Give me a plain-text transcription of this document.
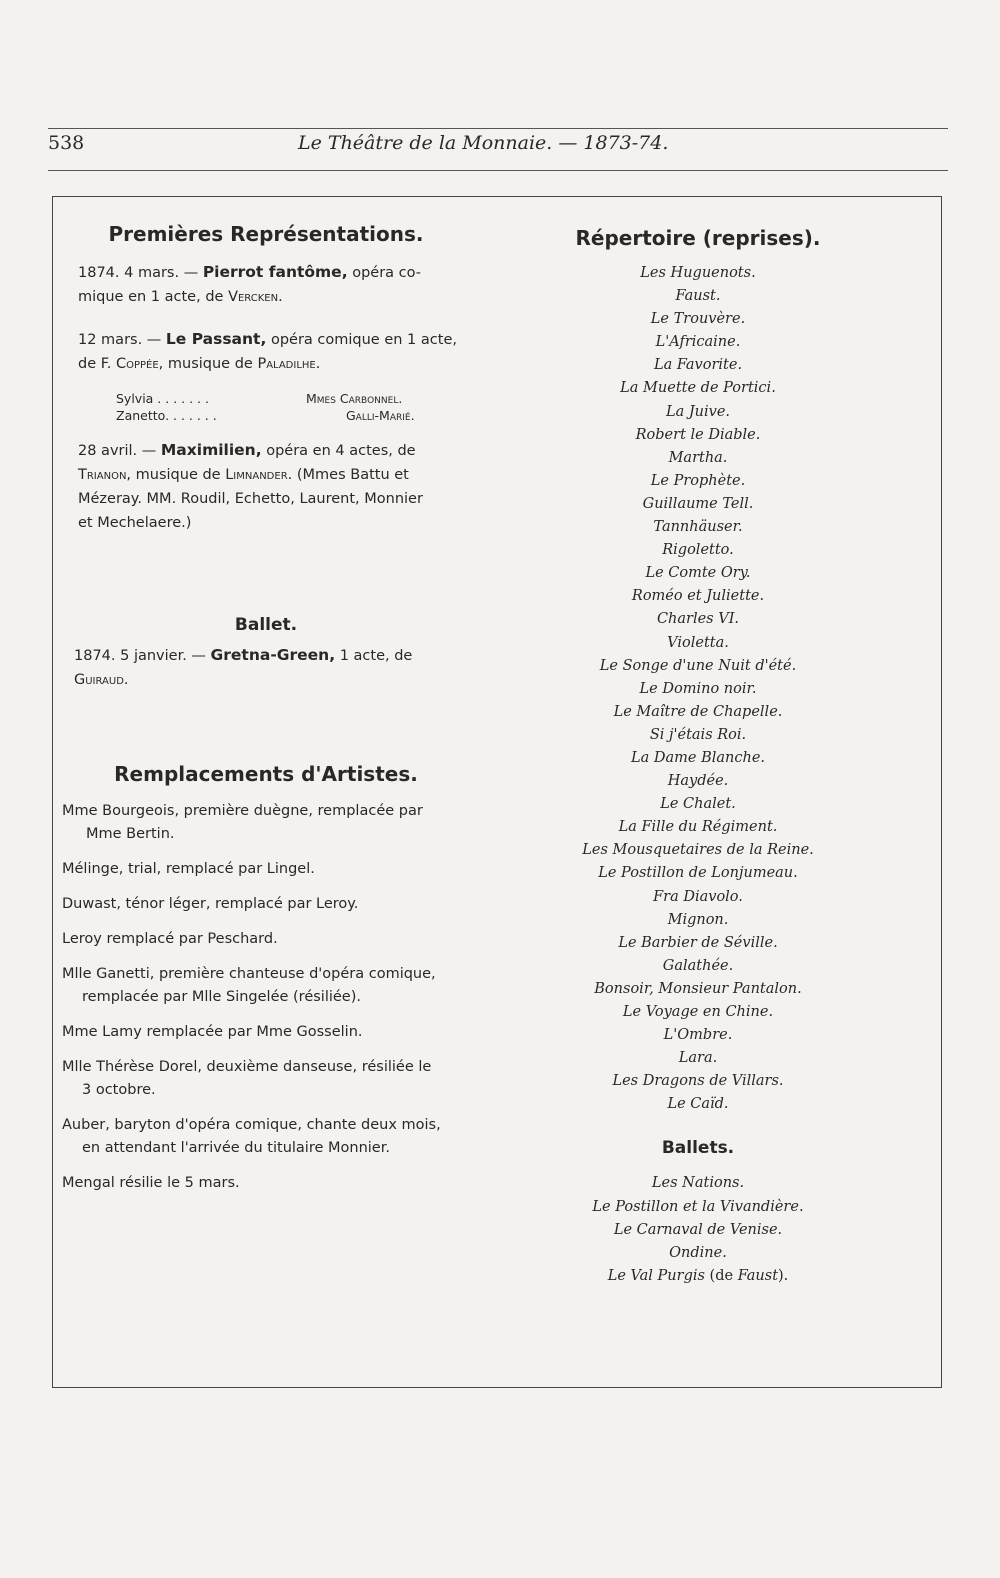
538	Le Théâtre de la Monnaie. — 1873-74.
Premières Représentations.
1874. 4 mars. — Pierrot fantôme, opéra co-
mique en 1 acte, de Vercken.
12 mars. — Le Passant, opéra comique en 1 acte,
de F. Coppée, musique de Paladilhe.
Sylvia . . . . . . .	Mmes Carbonnel.
Zanetto. . . . . . .	Galli-Marié.
28 avril. — Maximilien, opéra en 4 actes, de
Trianon, musique de Limnander. (Mmes Battu et
Mézeray. MM. Roudil, Echetto, Laurent, Monnier
et Mechelaere.)
Ballet.
1874. 5 janvier. — Gretna-Green, 1 acte, de
Guiraud.
Remplacements d'Artistes.
Mme Bourgeois, première duègne, remplacée par
Mme Bertin.
Mélinge, trial, remplacé par Lingel.
Duwast, ténor léger, remplacé par Leroy.
Leroy remplacé par Peschard.
Mlle Ganetti, première chanteuse d'opéra comique,
remplacée par Mlle Singelée (résiliée).
Mme Lamy remplacée par Mme Gosselin.
Mlle Thérèse Dorel, deuxième danseuse, résiliée le
3 octobre.
Auber, baryton d'opéra comique, chante deux mois,
en attendant l'arrivée du titulaire Monnier.
Mengal résilie le 5 mars.
Répertoire (reprises).
Les Huguenots.
Faust.
Le Trouvère.
L'Africaine.
La Favorite.
La Muette de Portici.
La Juive.
Robert le Diable.
Martha.
Le Prophète.
Guillaume Tell.
Tannhäuser.
Rigoletto.
Le Comte Ory.
Roméo et Juliette.
Charles VI.
Violetta.
Le Songe d'une Nuit d'été.
Le Domino noir.
Le Maître de Chapelle.
Si j'étais Roi.
La Dame Blanche.
Haydée.
Le Chalet.
La Fille du Régiment.
Les Mousquetaires de la Reine.
Le Postillon de Lonjumeau.
Fra Diavolo.
Mignon.
Le Barbier de Séville.
Galathée.
Bonsoir, Monsieur Pantalon.
Le Voyage en Chine.
L'Ombre.
Lara.
Les Dragons de Villars.
Le Caïd.
Ballets.
Les Nations.
Le Postillon et la Vivandière.
Le Carnaval de Venise.
Ondine.
Le Val Purgis (de Faust).
